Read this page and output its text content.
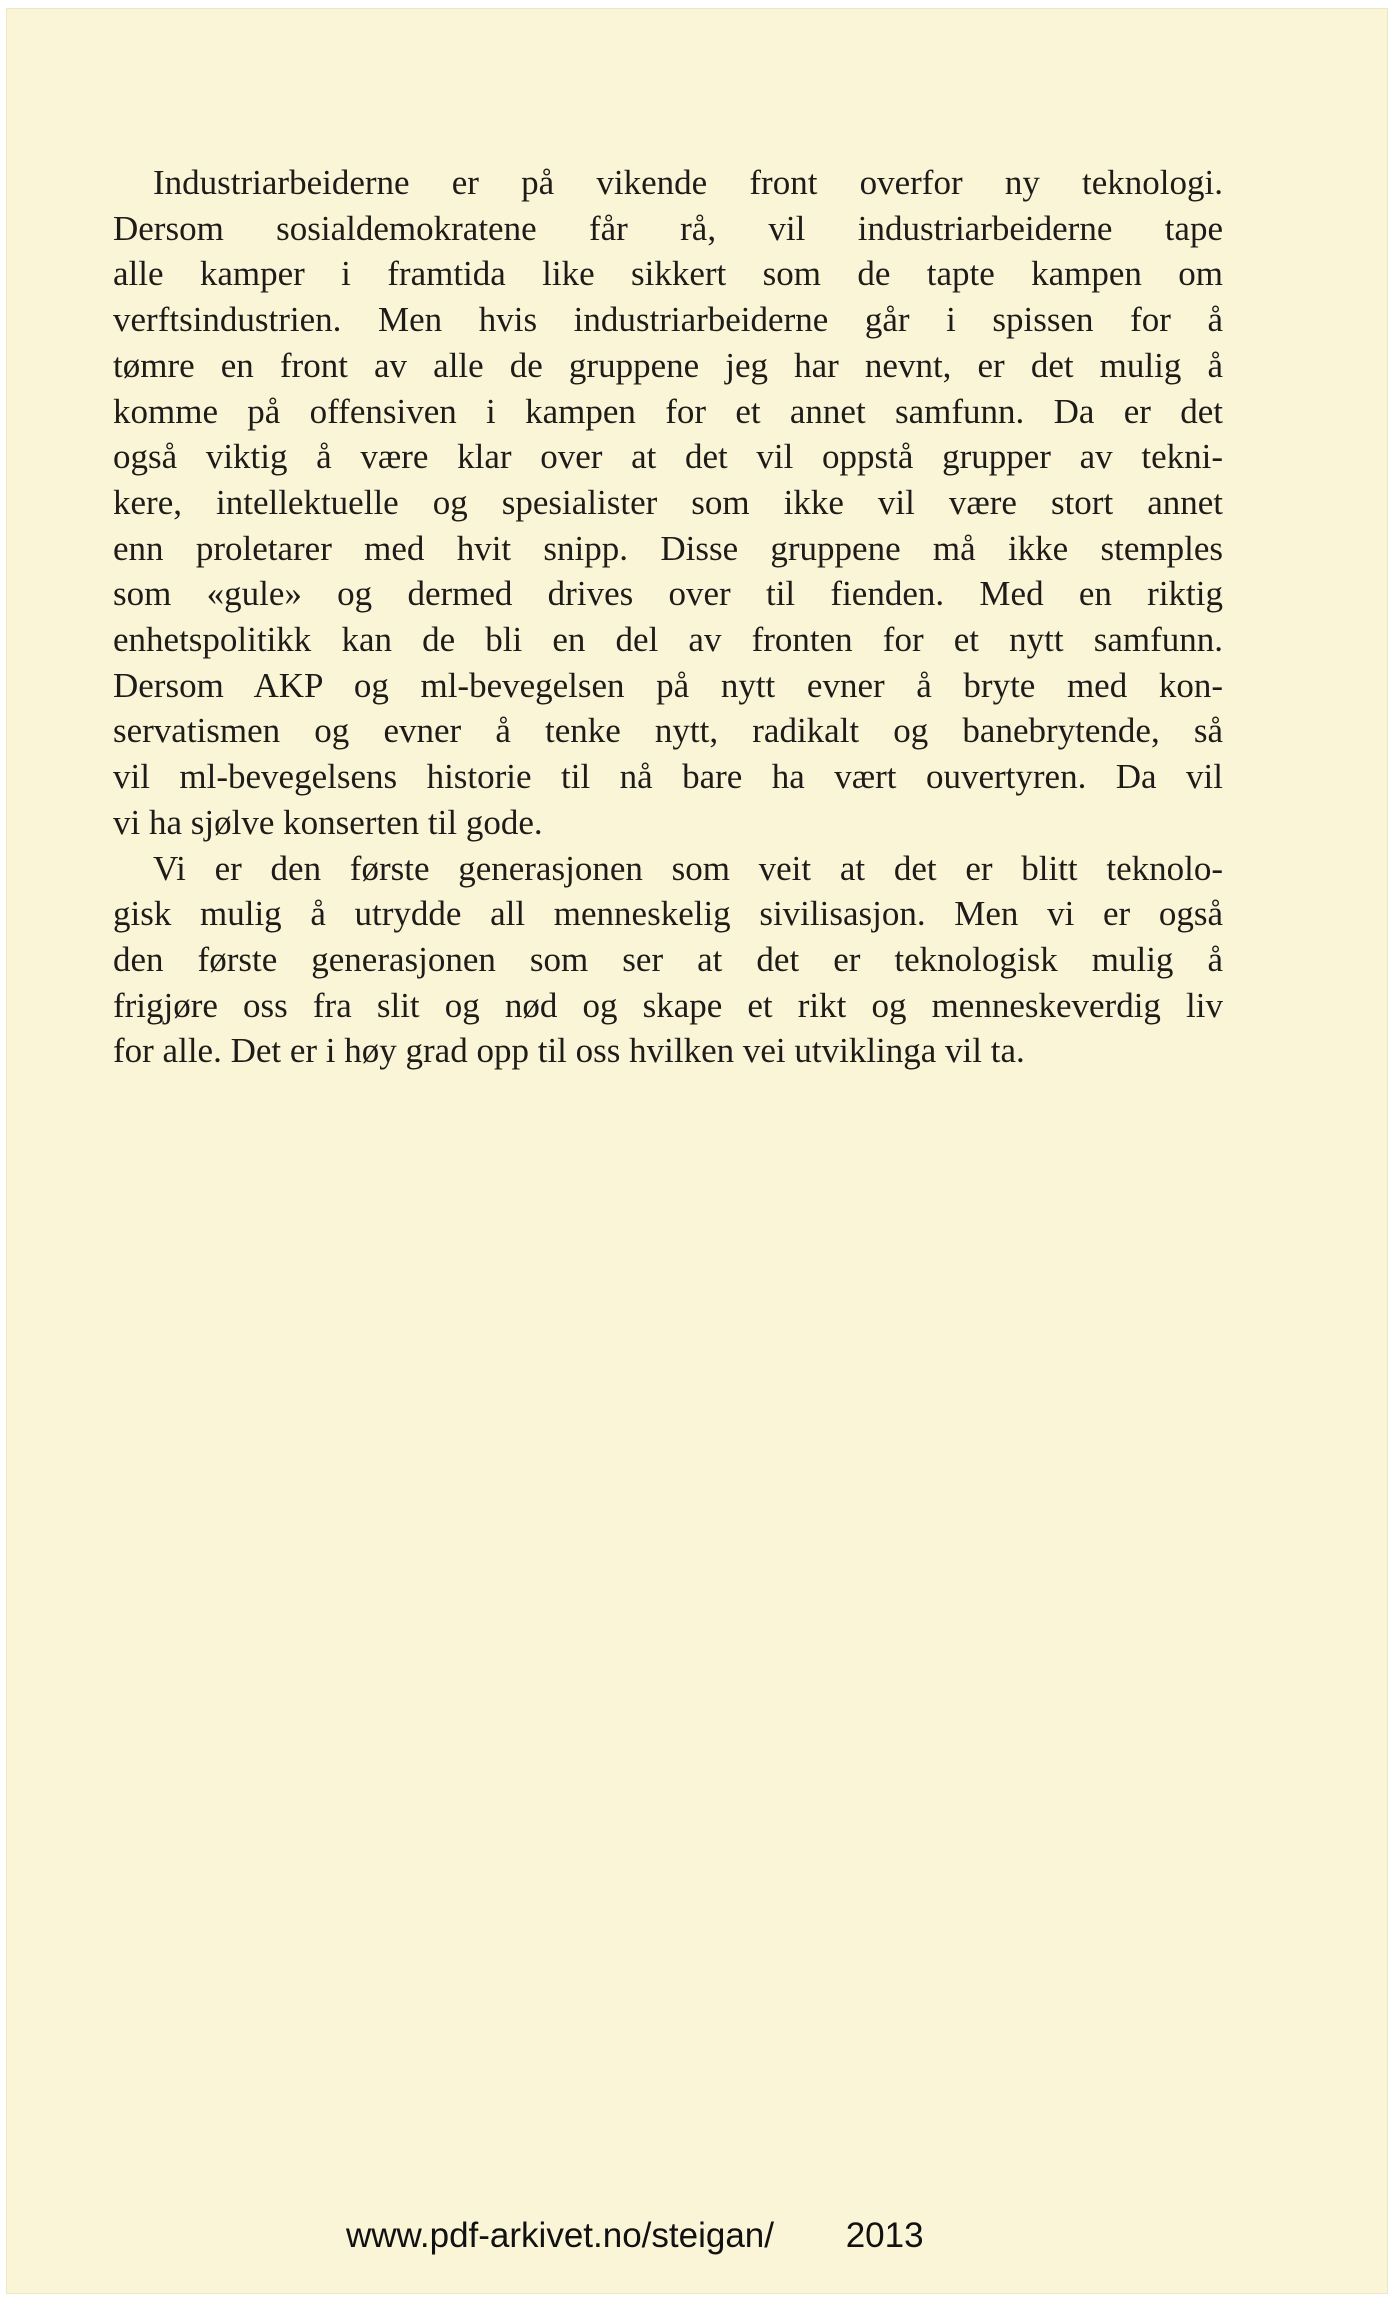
Industriarbeiderne er på vikende front overfor ny teknologi.
Dersom sosialdemokratene får rå, vil industriarbeiderne tape
alle kamper i framtida like sikkert som de tapte kampen om
verftsindustrien. Men hvis industriarbeiderne går i spissen for å
tømre en front av alle de gruppene jeg har nevnt, er det mulig å
komme på offensiven i kampen for et annet samfunn. Da er det
også viktig å være klar over at det vil oppstå grupper av tekni-
kere, intellektuelle og spesialister som ikke vil være stort annet
enn proletarer med hvit snipp. Disse gruppene må ikke stemples
som «gule» og dermed drives over til fienden. Med en riktig
enhetspolitikk kan de bli en del av fronten for et nytt samfunn.
Dersom AKP og ml-bevegelsen på nytt evner å bryte med kon-
servatismen og evner å tenke nytt, radikalt og banebrytende, så
vil ml-bevegelsens historie til nå bare ha vært ouvertyren. Da vil
vi ha sjølve konserten til gode.
Vi er den første generasjonen som veit at det er blitt teknolo-
gisk mulig å utrydde all menneskelig sivilisasjon. Men vi er også
den første generasjonen som ser at det er teknologisk mulig å
frigjøre oss fra slit og nød og skape et rikt og menneskeverdig liv
for alle. Det er i høy grad opp til oss hvilken vei utviklinga vil ta.
www.pdf-arkivet.no/steigan/ 2013
